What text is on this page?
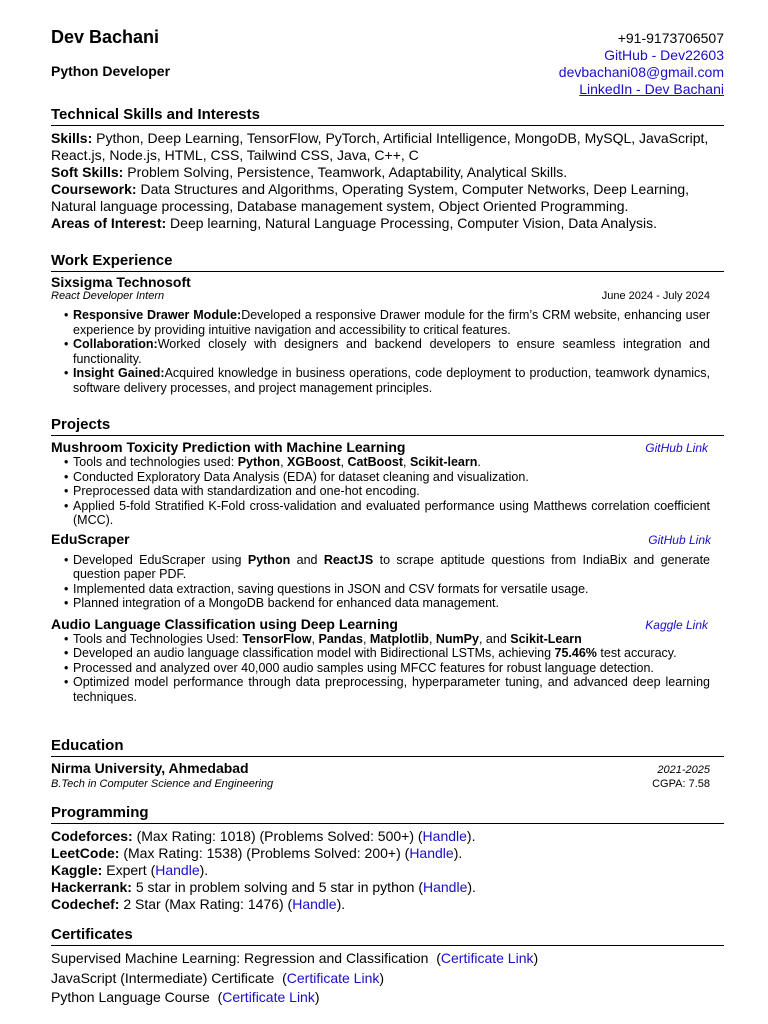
Dev Bachani
Python Developer
+91-9173706507
GitHub - Dev22603
devbachani08@gmail.com
LinkedIn - Dev Bachani
Technical Skills and Interests
Skills: Python, Deep Learning, TensorFlow, PyTorch, Artificial Intelligence, MongoDB, MySQL, JavaScript, React.js, Node.js, HTML, CSS, Tailwind CSS, Java, C++, C
Soft Skills: Problem Solving, Persistence, Teamwork, Adaptability, Analytical Skills.
Coursework: Data Structures and Algorithms, Operating System, Computer Networks, Deep Learning, Natural language processing, Database management system, Object Oriented Programming.
Areas of Interest: Deep learning, Natural Language Processing, Computer Vision, Data Analysis.
Work Experience
Sixsigma Technosoft
React Developer Intern	June 2024 - July 2024
• Responsive Drawer Module:Developed a responsive Drawer module for the firm’s CRM website, enhancing user experience by providing intuitive navigation and accessibility to critical features.
• Collaboration:Worked closely with designers and backend developers to ensure seamless integration and functionality.
• Insight Gained:Acquired knowledge in business operations, code deployment to production, teamwork dynamics, software delivery processes, and project management principles.
Projects
Mushroom Toxicity Prediction with Machine Learning	GitHub Link
• Tools and technologies used: Python, XGBoost, CatBoost, Scikit-learn.
• Conducted Exploratory Data Analysis (EDA) for dataset cleaning and visualization.
• Preprocessed data with standardization and one-hot encoding.
• Applied 5-fold Stratified K-Fold cross-validation and evaluated performance using Matthews correlation coefficient (MCC).
EduScraper	GitHub Link
• Developed EduScraper using Python and ReactJS to scrape aptitude questions from IndiaBix and generate question paper PDF.
• Implemented data extraction, saving questions in JSON and CSV formats for versatile usage.
• Planned integration of a MongoDB backend for enhanced data management.
Audio Language Classification using Deep Learning	Kaggle Link
• Tools and Technologies Used: TensorFlow, Pandas, Matplotlib, NumPy, and Scikit-Learn
• Developed an audio language classification model with Bidirectional LSTMs, achieving 75.46% test accuracy.
• Processed and analyzed over 40,000 audio samples using MFCC features for robust language detection.
• Optimized model performance through data preprocessing, hyperparameter tuning, and advanced deep learning techniques.
Education
Nirma University, Ahmedabad	2021-2025
B.Tech in Computer Science and Engineering	CGPA: 7.58
Programming
Codeforces: (Max Rating: 1018) (Problems Solved: 500+) (Handle).
LeetCode: (Max Rating: 1538) (Problems Solved: 200+) (Handle).
Kaggle: Expert (Handle).
Hackerrank: 5 star in problem solving and 5 star in python (Handle).
Codechef: 2 Star (Max Rating: 1476) (Handle).
Certificates
Supervised Machine Learning: Regression and Classification  (Certificate Link)
JavaScript (Intermediate) Certificate  (Certificate Link)
Python Language Course  (Certificate Link)
